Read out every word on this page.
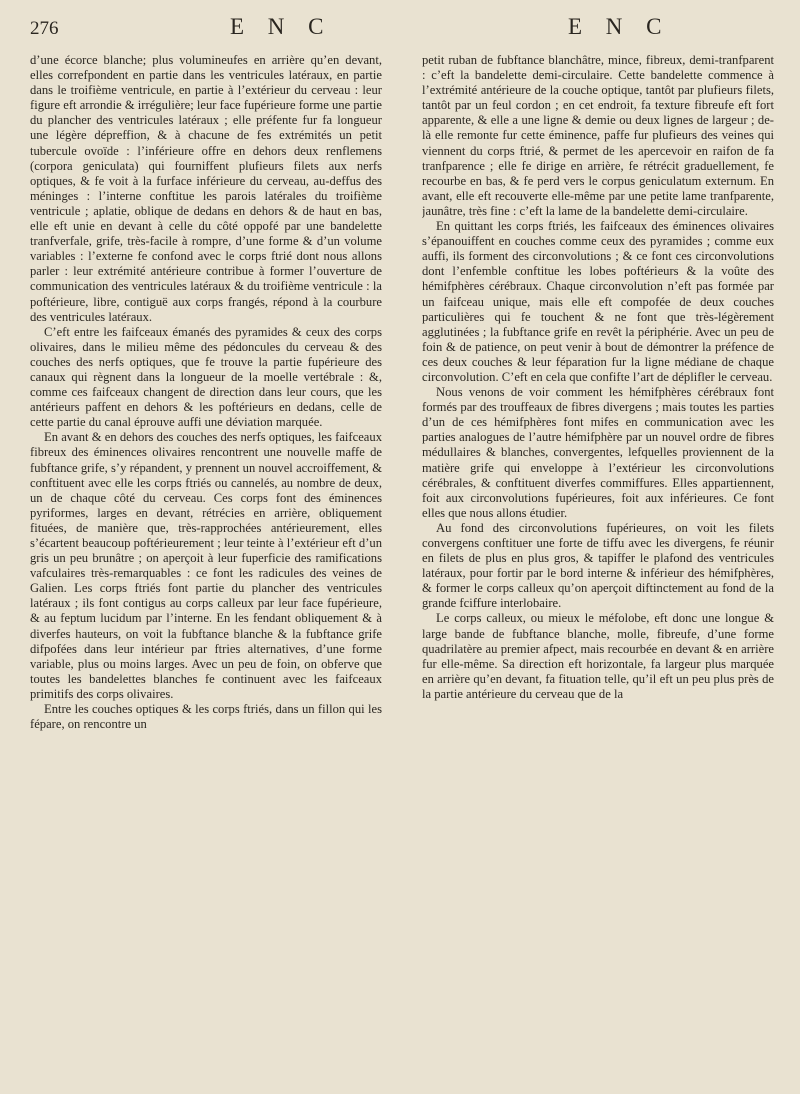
276	E N C	E N C

d’une écorce blanche; plus volumineufes en arrière qu’en devant, elles correfpondent en partie dans les ventricules latéraux, en partie dans le troifième ventricule, en partie à l’extérieur du cerveau : leur figure eft arrondie & irrégulière; leur face fupérieure forme une partie du plancher des ventricules latéraux ; elle préfente fur fa longueur une légère dépreffion, & à chacune de fes extrémités un petit tubercule ovoïde : l’inférieure offre en dehors deux renflemens (corpora geniculata) qui fourniffent plufieurs filets aux nerfs optiques, & fe voit à la furface inférieure du cerveau, au-deffus des méninges : l’interne conftitue les parois latérales du troifième ventricule ; aplatie, oblique de dedans en dehors & de haut en bas, elle eft unie en devant à celle du côté oppofé par une bandelette tranfverfale, grife, très-facile à rompre, d’une forme & d’un volume variables : l’externe fe confond avec le corps ftrié dont nous allons parler : leur extrémité antérieure contribue à former l’ouverture de communication des ventricules latéraux & du troifième ventricule : la poftérieure, libre, contiguë aux corps frangés, répond à la courbure des ventricules latéraux.

C’eft entre les faifceaux émanés des pyramides & ceux des corps olivaires, dans le milieu même des pédoncules du cerveau & des couches des nerfs optiques, que fe trouve la partie fupérieure des canaux qui règnent dans la longueur de la moelle vertébrale : &, comme ces faifceaux changent de direction dans leur cours, que les antérieurs paffent en dehors & les poftérieurs en dedans, celle de cette partie du canal éprouve auffi une déviation marquée.

En avant & en dehors des couches des nerfs optiques, les faifceaux fibreux des éminences olivaires rencontrent une nouvelle maffe de fubftance grife, s’y répandent, y prennent un nouvel accroiffement, & conftituent avec elle les corps ftriés ou cannelés, au nombre de deux, un de chaque côté du cerveau. Ces corps font des éminences pyriformes, larges en devant, rétrécies en arrière, obliquement fituées, de manière que, très-rapprochées antérieurement, elles s’écartent beaucoup poftérieurement ; leur teinte à l’extérieur eft d’un gris un peu brunâtre ; on aperçoit à leur fuperficie des ramifications vafculaires très-remarquables : ce font les radicules des veines de Galien. Les corps ftriés font partie du plancher des ventricules latéraux ; ils font contigus au corps calleux par leur face fupérieure, & au feptum lucidum par l’interne. En les fendant obliquement & à diverfes hauteurs, on voit la fubftance blanche & la fubftance grife difpofées dans leur intérieur par ftries alternatives, d’une forme variable, plus ou moins larges. Avec un peu de foin, on obferve que toutes les bandelettes blanches fe continuent avec les faifceaux primitifs des corps olivaires.

Entre les couches optiques & les corps ftriés, dans un fillon qui les fépare, on rencontre un

petit ruban de fubftance blanchâtre, mince, fibreux, demi-tranfparent : c’eft la bandelette demi-circulaire. Cette bandelette commence à l’extrémité antérieure de la couche optique, tantôt par plufieurs filets, tantôt par un feul cordon ; en cet endroit, fa texture fibreufe eft fort apparente, & elle a une ligne & demie ou deux lignes de largeur ; de-là elle remonte fur cette éminence, paffe fur plufieurs des veines qui viennent du corps ftrié, & permet de les apercevoir en raifon de fa tranfparence ; elle fe dirige en arrière, fe rétrécit graduellement, fe recourbe en bas, & fe perd vers le corpus geniculatum externum. En avant, elle eft recouverte elle-même par une petite lame tranfparente, jaunâtre, très fine : c’eft la lame de la bandelette demi-circulaire.

En quittant les corps ftriés, les faifceaux des éminences olivaires s’épanouiffent en couches comme ceux des pyramides ; comme eux auffi, ils forment des circonvolutions ; & ce font ces circonvolutions dont l’enfemble conftitue les lobes poftérieurs & la voûte des hémifphères cérébraux. Chaque circonvolution n’eft pas formée par un faifceau unique, mais elle eft compofée de deux couches particulières qui fe touchent & ne font que très-légèrement agglutinées ; la fubftance grife en revêt la périphérie. Avec un peu de foin & de patience, on peut venir à bout de démontrer la préfence de ces deux couches & leur féparation fur la ligne médiane de chaque circonvolution. C’eft en cela que confifte l’art de déplifler le cerveau.

Nous venons de voir comment les hémifphères cérébraux font formés par des trouffeaux de fibres divergens ; mais toutes les parties d’un de ces hémifphères font mifes en communication avec les parties analogues de l’autre hémifphère par un nouvel ordre de fibres médullaires & blanches, convergentes, lefquelles proviennent de la matière grife qui enveloppe à l’extérieur les circonvolutions cérébrales, & conftituent diverfes commiffures. Elles appartiennent, foit aux circonvolutions fupérieures, foit aux inférieures. Ce font elles que nous allons étudier.

Au fond des circonvolutions fupérieures, on voit les filets convergens conftituer une forte de tiffu avec les divergens, fe réunir en filets de plus en plus gros, & tapiffer le plafond des ventricules latéraux, pour fortir par le bord interne & inférieur des hémifphères, & former le corps calleux qu’on aperçoit diftinctement au fond de la grande fciffure interlobaire.

Le corps calleux, ou mieux le méfolobe, eft donc une longue & large bande de fubftance blanche, molle, fibreufe, d’une forme quadrilatère au premier afpect, mais recourbée en devant & en arrière fur elle-même. Sa direction eft horizontale, fa largeur plus marquée en arrière qu’en devant, fa fituation telle, qu’il eft un peu plus près de la partie antérieure du cerveau que de la
